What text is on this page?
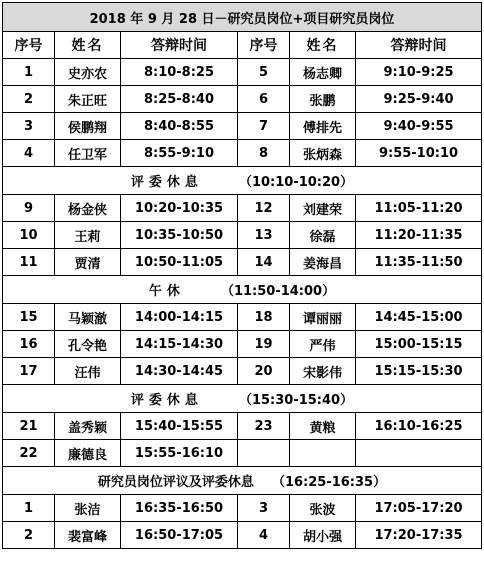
2018 年 9 月 28 日－研究员岗位+项目研究员岗位					
序号	姓名	答辩时间	序号	姓名	答辩时间
1	史亦农	8:10-8:25	5	杨志卿	9:10-9:25
2	朱正旺	8:25-8:40	6	张鹏	9:25-9:40
3	侯鹏翔	8:40-8:55	7	傅排先	9:40-9:55
4	任卫军	8:55-9:10	8	张炳森	9:55-10:10
评委休息 （10:10-10:20）					
9	杨金侠	10:20-10:35	12	刘建荣	11:05-11:20
10	王莉	10:35-10:50	13	徐磊	11:20-11:35
11	贾清	10:50-11:05	14	姜海昌	11:35-11:50
午休 （11:50-14:00）					
15	马颖澈	14:00-14:15	18	谭丽丽	14:45-15:00
16	孔令艳	14:15-14:30	19	严伟	15:00-15:15
17	汪伟	14:30-14:45	20	宋影伟	15:15-15:30
评委休息 （15:30-15:40）					
21	盖秀颖	15:40-15:55	23	黄粮	16:10-16:25
22	廉德良	15:55-16:10			
研究员岗位评议及评委休息 （16:25-16:35）					
1	张洁	16:35-16:50	3	张波	17:05-17:20
2	裴富峰	16:50-17:05	4	胡小强	17:20-17:35
